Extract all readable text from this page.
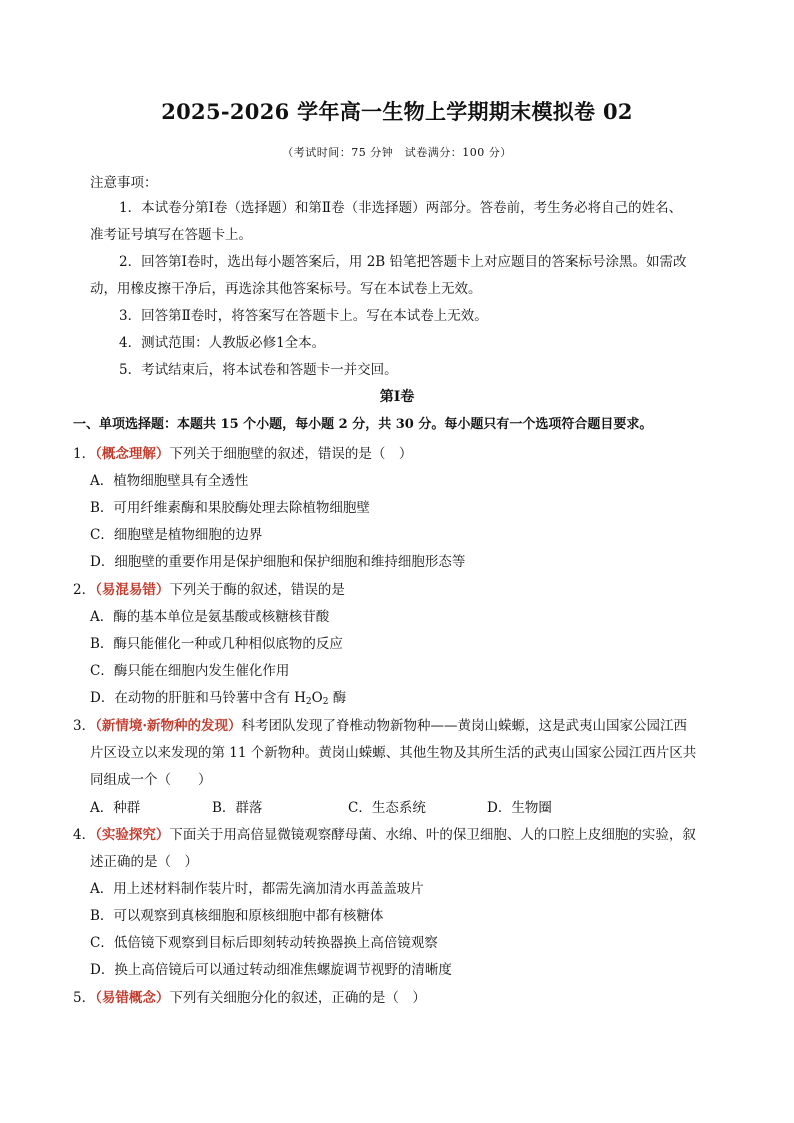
2025-2026 学年高一生物上学期期末模拟卷 02
（考试时间：75 分钟　试卷满分：100 分）
注意事项：
1．本试卷分第Ⅰ卷（选择题）和第Ⅱ卷（非选择题）两部分。答卷前，考生务必将自己的姓名、
准考证号填写在答题卡上。
2．回答第Ⅰ卷时，选出每小题答案后，用 2B 铅笔把答题卡上对应题目的答案标号涂黑。如需改
动，用橡皮擦干净后，再选涂其他答案标号。写在本试卷上无效。
3．回答第Ⅱ卷时，将答案写在答题卡上。写在本试卷上无效。
4．测试范围：人教版必修1全本。
5．考试结束后，将本试卷和答题卡一并交回。
第Ⅰ卷
一、单项选择题：本题共 15 个小题，每小题 2 分，共 30 分。每小题只有一个选项符合题目要求。
1．（概念理解）下列关于细胞壁的叙述，错误的是（　）
A．植物细胞壁具有全透性
B．可用纤维素酶和果胶酶处理去除植物细胞壁
C．细胞壁是植物细胞的边界
D．细胞壁的重要作用是保护细胞和保护细胞和维持细胞形态等
2．（易混易错）下列关于酶的叙述，错误的是
A．酶的基本单位是氨基酸或核糖核苷酸
B．酶只能催化一种或几种相似底物的反应
C．酶只能在细胞内发生催化作用
D．在动物的肝脏和马铃薯中含有 $H_2O_2$ 酶
3．（新情境·新物种的发现）科考团队发现了脊椎动物新物种——黄岗山蝾螈，这是武夷山国家公园江西
片区设立以来发现的第 11 个新物种。黄岗山蝾螈、其他生物及其所生活的武夷山国家公园江西片区共
同组成一个（　　）
A．种群	B．群落	C．生态系统	D．生物圈
4．（实验探究）下面关于用高倍显微镜观察酵母菌、水绵、叶的保卫细胞、人的口腔上皮细胞的实验，叙
述正确的是（　）
A．用上述材料制作装片时，都需先滴加清水再盖盖玻片
B．可以观察到真核细胞和原核细胞中都有核糖体
C．低倍镜下观察到目标后即刻转动转换器换上高倍镜观察
D．换上高倍镜后可以通过转动细准焦螺旋调节视野的清晰度
5．（易错概念）下列有关细胞分化的叙述，正确的是（　）
